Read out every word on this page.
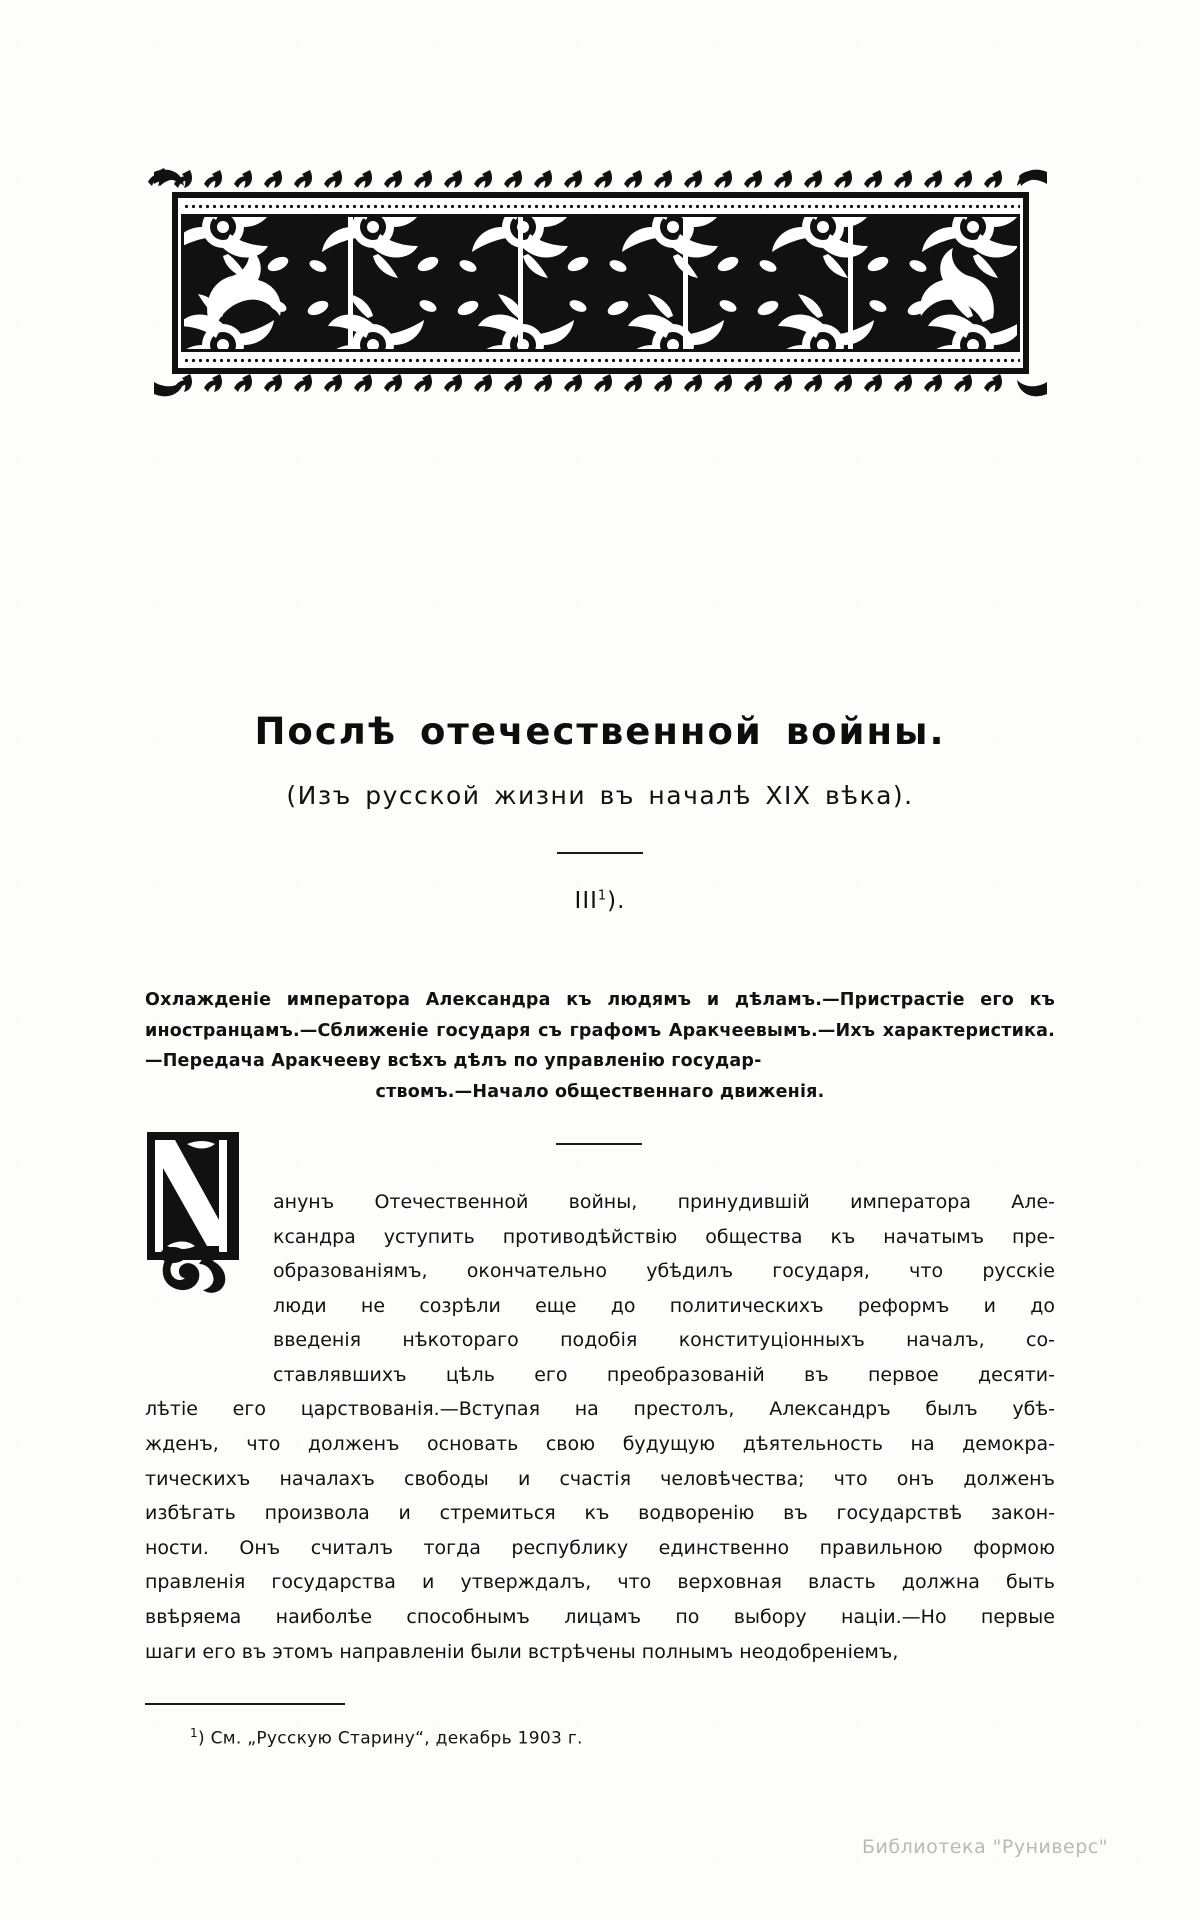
Послѣ отечественной войны.
(Изъ русской жизни въ началѣ XIX вѣка).
III$^1$).
Охлажденіе императора Александра къ людямъ и дѣламъ.—Пристрастіе его къ иностранцамъ.—Сближеніе государя съ графомъ Аракчеевымъ.—Ихъ характеристика.—Передача Аракчееву всѣхъ дѣлъ по управленію государ-
ствомъ.—Начало общественнаго движенія.

анунъ Отечественной войны, принудившій императора Але-
ксандра уступить противодѣйствію общества къ начатымъ пре-
образованіямъ, окончательно убѣдилъ государя, что русскіе
люди не созрѣли еще до политическихъ реформъ и до
введенія нѣкотораго подобія конституціонныхъ началъ, со-
ставлявшихъ цѣль его преобразованій въ первое десяти-
лѣтіе его царствованія.—Вступая на престолъ, Александръ былъ убѣ-
жденъ, что долженъ основать свою будущую дѣятельность на демокра-
тическихъ началахъ свободы и счастія человѣчества; что онъ долженъ
избѣгать произвола и стремиться къ водворенію въ государствѣ закон-
ности. Онъ считалъ тогда республику единственно правильною формою
правленія государства и утверждалъ, что верховная власть должна быть
ввѣряема наиболѣе способнымъ лицамъ по выбору націи.—Но первые
шаги его въ этомъ направленіи были встрѣчены полнымъ неодобреніемъ,

$^1$) См. „Русскую Старину“, декабрь 1903 г.
Библиотека "Руниверс"
